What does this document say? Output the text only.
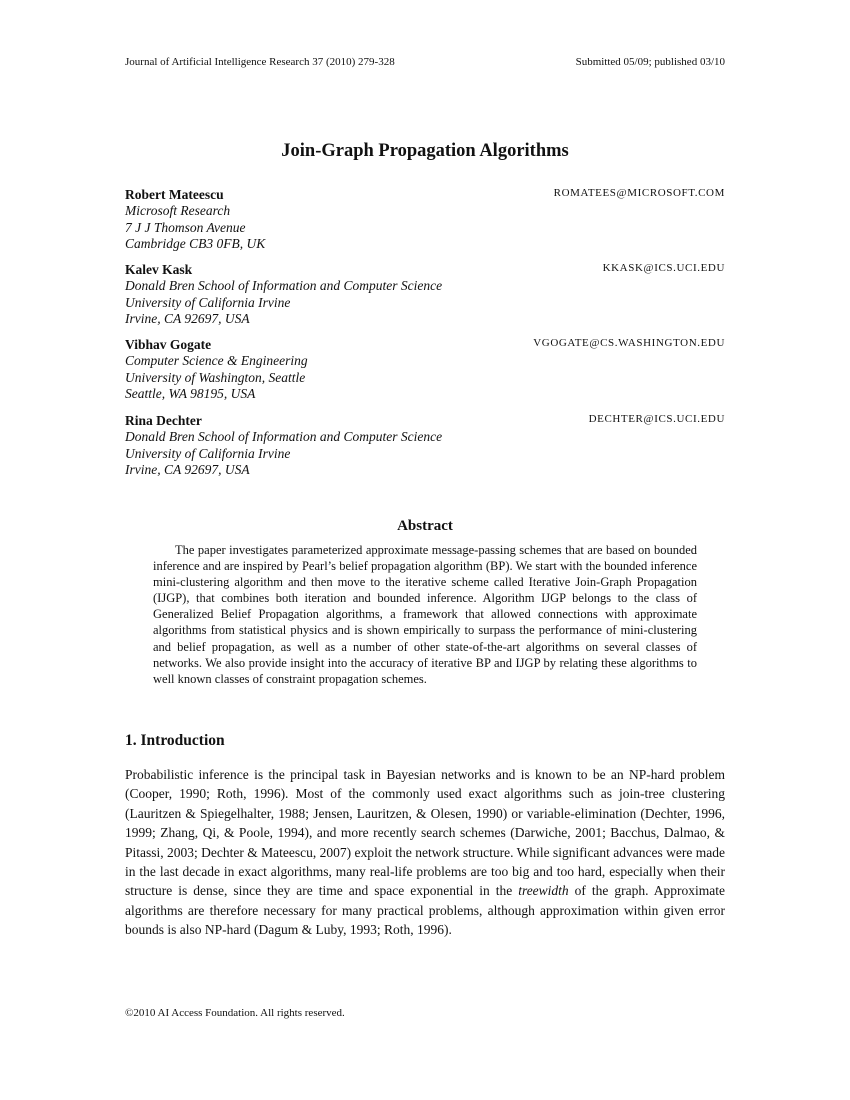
Journal of Artificial Intelligence Research 37 (2010) 279-328	Submitted 05/09; published 03/10
Join-Graph Propagation Algorithms
Robert Mateescu	ROMATEES@MICROSOFT.COM
Microsoft Research
7 J J Thomson Avenue
Cambridge CB3 0FB, UK
Kalev Kask	KKASK@ICS.UCI.EDU
Donald Bren School of Information and Computer Science
University of California Irvine
Irvine, CA 92697, USA
Vibhav Gogate	VGOGATE@CS.WASHINGTON.EDU
Computer Science & Engineering
University of Washington, Seattle
Seattle, WA 98195, USA
Rina Dechter	DECHTER@ICS.UCI.EDU
Donald Bren School of Information and Computer Science
University of California Irvine
Irvine, CA 92697, USA
Abstract

The paper investigates parameterized approximate message-passing schemes that are based on bounded inference and are inspired by Pearl’s belief propagation algorithm (BP). We start with the bounded inference mini-clustering algorithm and then move to the iterative scheme called Iterative Join-Graph Propagation (IJGP), that combines both iteration and bounded inference. Algorithm IJGP belongs to the class of Generalized Belief Propagation algorithms, a framework that allowed connections with approximate algorithms from statistical physics and is shown empirically to surpass the performance of mini-clustering and belief propagation, as well as a number of other state-of-the-art algorithms on several classes of networks. We also provide insight into the accuracy of iterative BP and IJGP by relating these algorithms to well known classes of constraint propagation schemes.

1. Introduction

Probabilistic inference is the principal task in Bayesian networks and is known to be an NP-hard problem (Cooper, 1990; Roth, 1996). Most of the commonly used exact algorithms such as join-tree clustering (Lauritzen & Spiegelhalter, 1988; Jensen, Lauritzen, & Olesen, 1990) or variable-elimination (Dechter, 1996, 1999; Zhang, Qi, & Poole, 1994), and more recently search schemes (Darwiche, 2001; Bacchus, Dalmao, & Pitassi, 2003; Dechter & Mateescu, 2007) exploit the network structure. While significant advances were made in the last decade in exact algorithms, many real-life problems are too big and too hard, especially when their structure is dense, since they are time and space exponential in the treewidth of the graph. Approximate algorithms are therefore necessary for many practical problems, although approximation within given error bounds is also NP-hard (Dagum & Luby, 1993; Roth, 1996).

©2010 AI Access Foundation. All rights reserved.
